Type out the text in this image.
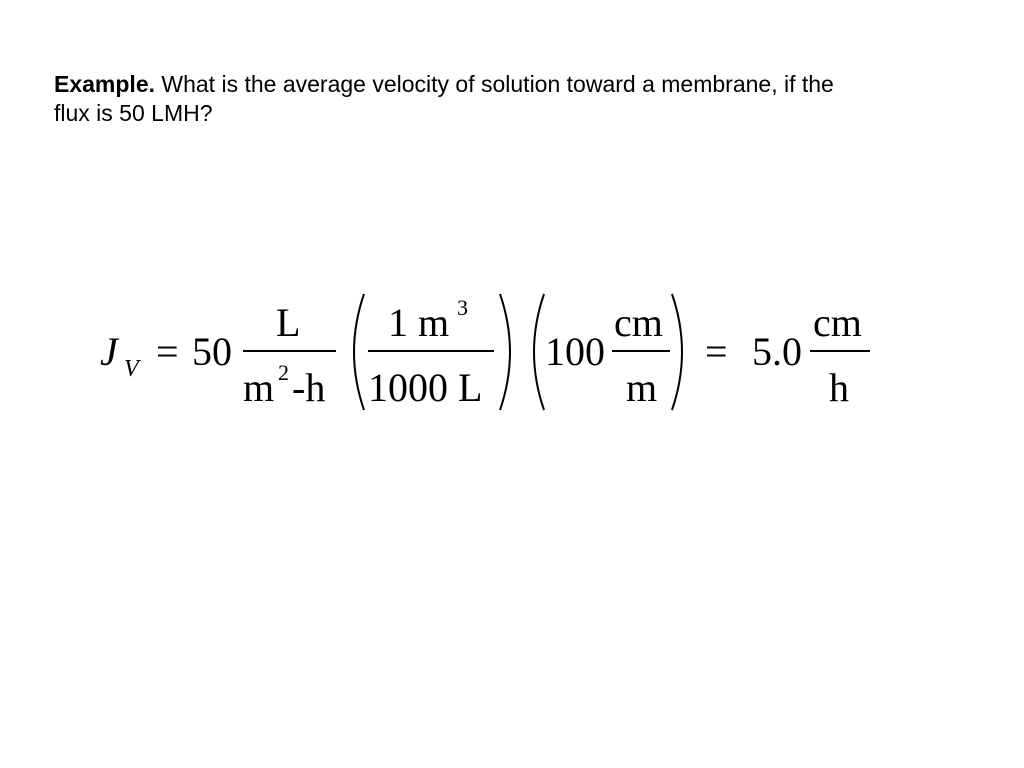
Example. What is the average velocity of solution toward a membrane, if the flux is 50 LMH?
J V = 50
L
m 2 -h
1 m 3
1000 L
100
cm
m
= 5.0
cm
h
